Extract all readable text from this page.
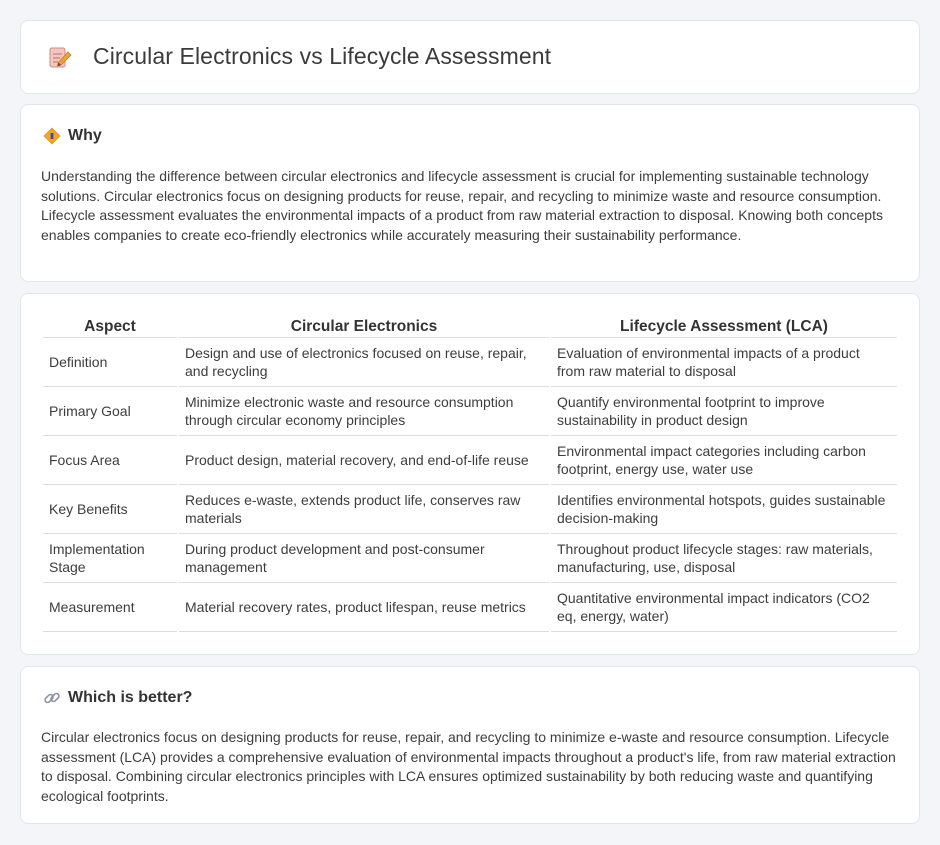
Circular Electronics vs Lifecycle Assessment
Why

Understanding the difference between circular electronics and lifecycle assessment is crucial for implementing sustainable technology solutions. Circular electronics focus on designing products for reuse, repair, and recycling to minimize waste and resource consumption. Lifecycle assessment evaluates the environmental impacts of a product from raw material extraction to disposal. Knowing both concepts enables companies to create eco-friendly electronics while accurately measuring their sustainability performance.

Aspect	Circular Electronics	Lifecycle Assessment (LCA)
Definition	Design and use of electronics focused on reuse, repair, and recycling	Evaluation of environmental impacts of a product from raw material to disposal
Primary Goal	Minimize electronic waste and resource consumption through circular economy principles	Quantify environmental footprint to improve sustainability in product design
Focus Area	Product design, material recovery, and end-of-life reuse	Environmental impact categories including carbon footprint, energy use, water use
Key Benefits	Reduces e-waste, extends product life, conserves raw materials	Identifies environmental hotspots, guides sustainable decision-making
Implementation Stage	During product development and post-consumer management	Throughout product lifecycle stages: raw materials, manufacturing, use, disposal
Measurement	Material recovery rates, product lifespan, reuse metrics	Quantitative environmental impact indicators (CO2 eq, energy, water)
Which is better?

Circular electronics focus on designing products for reuse, repair, and recycling to minimize e-waste and resource consumption. Lifecycle assessment (LCA) provides a comprehensive evaluation of environmental impacts throughout a product's life, from raw material extraction to disposal. Combining circular electronics principles with LCA ensures optimized sustainability by both reducing waste and quantifying ecological footprints.
